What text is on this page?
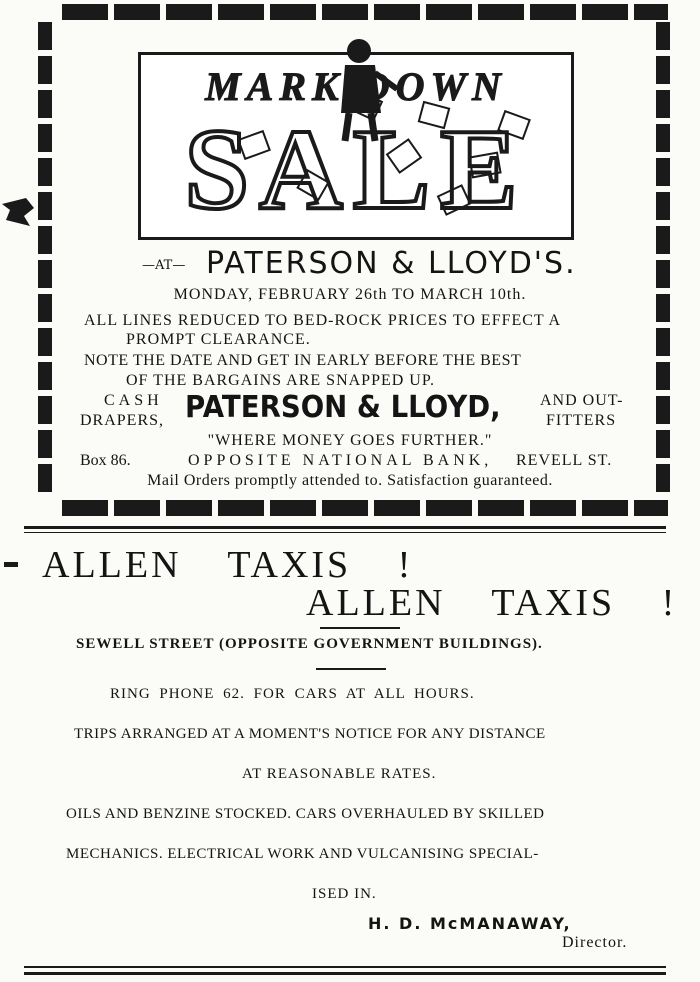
MARK DOWN
SALE
—AT— PATERSON & LLOYD'S.
MONDAY, FEBRUARY 26th TO MARCH 10th.
ALL LINES REDUCED TO BED-ROCK PRICES TO EFFECT A
PROMPT CLEARANCE.
NOTE THE DATE AND GET IN EARLY BEFORE THE BEST
OF THE BARGAINS ARE SNAPPED UP.
CASH
DRAPERS, PATERSON & LLOYD, AND OUT-
FITTERS
"WHERE MONEY GOES FURTHER."
Box 86.	OPPOSITE NATIONAL BANK, REVELL ST.
Mail Orders promptly attended to. Satisfaction guaranteed.
ALLEN TAXIS !
ALLEN TAXIS !
SEWELL STREET (OPPOSITE GOVERNMENT BUILDINGS).
RING PHONE 62. FOR CARS AT ALL HOURS.
TRIPS ARRANGED AT A MOMENT'S NOTICE FOR ANY DISTANCE
AT REASONABLE RATES.
OILS AND BENZINE STOCKED. CARS OVERHAULED BY SKILLED
MECHANICS. ELECTRICAL WORK AND VULCANISING SPECIAL-
ISED IN.
H. D. McMANAWAY,
Director.
